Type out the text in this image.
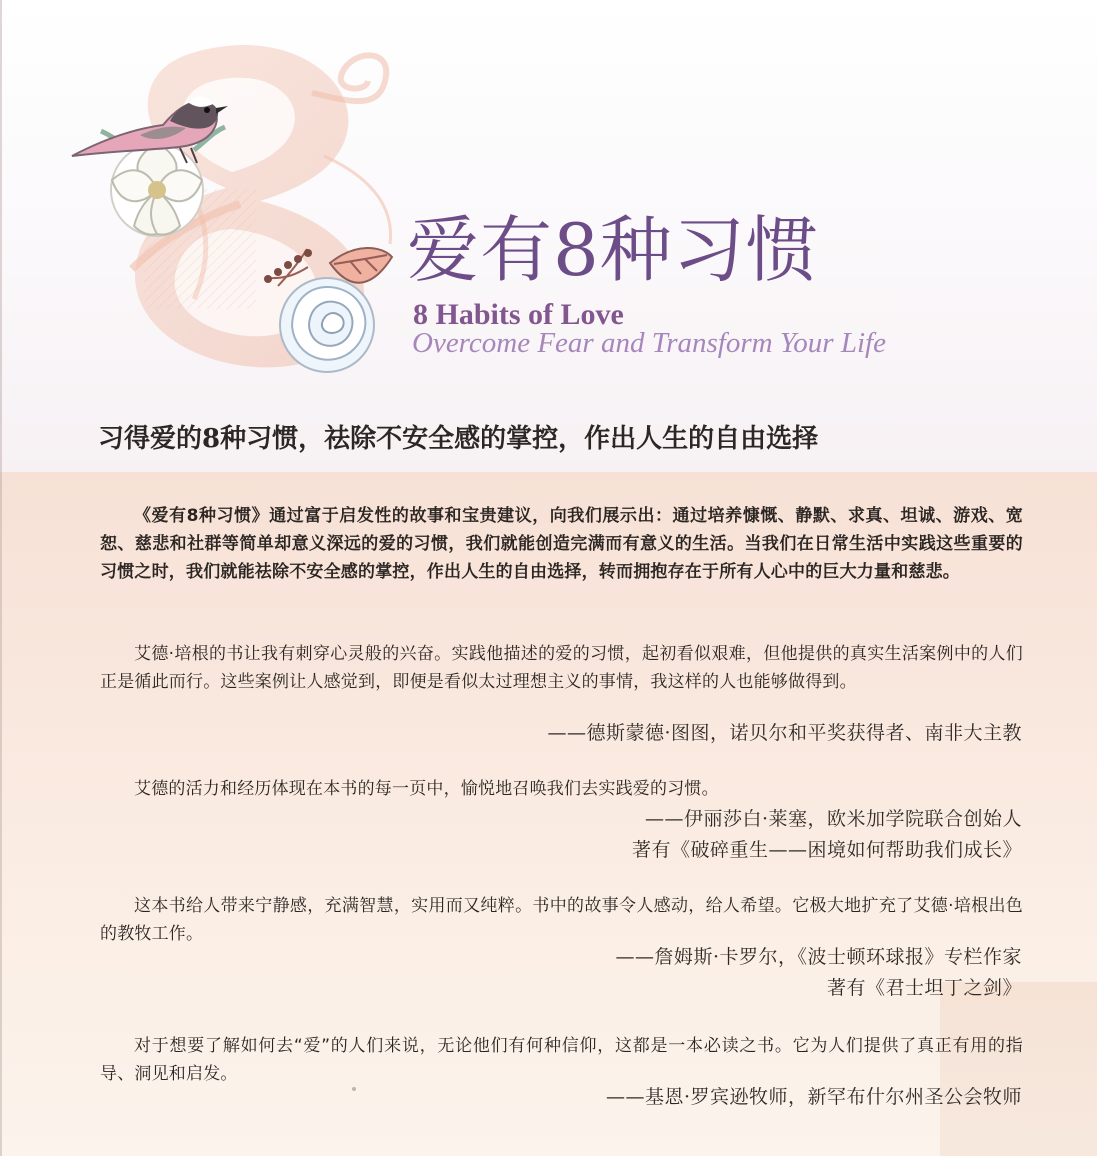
爱有8种习惯
8 Habits of Love
Overcome Fear and Transform Your Life
习得爱的8种习惯，祛除不安全感的掌控，作出人生的自由选择

《爱有8种习惯》通过富于启发性的故事和宝贵建议，向我们展示出：通过培养慷慨、静默、求真、坦诚、游戏、宽恕、慈悲和社群等简单却意义深远的爱的习惯，我们就能创造完满而有意义的生活。当我们在日常生活中实践这些重要的习惯之时，我们就能祛除不安全感的掌控，作出人生的自由选择，转而拥抱存在于所有人心中的巨大力量和慈悲。

艾德·培根的书让我有刺穿心灵般的兴奋。实践他描述的爱的习惯，起初看似艰难，但他提供的真实生活案例中的人们正是循此而行。这些案例让人感觉到，即便是看似太过理想主义的事情，我这样的人也能够做得到。

——德斯蒙德·图图，诺贝尔和平奖获得者、南非大主教

艾德的活力和经历体现在本书的每一页中，愉悦地召唤我们去实践爱的习惯。

——伊丽莎白·莱塞，欧米加学院联合创始人

著有《破碎重生——困境如何帮助我们成长》

这本书给人带来宁静感，充满智慧，实用而又纯粹。书中的故事令人感动，给人希望。它极大地扩充了艾德·培根出色的教牧工作。

——詹姆斯·卡罗尔，《波士顿环球报》专栏作家

著有《君士坦丁之剑》

对于想要了解如何去“爱”的人们来说，无论他们有何种信仰，这都是一本必读之书。它为人们提供了真正有用的指导、洞见和启发。

——基恩·罗宾逊牧师，新罕布什尔州圣公会牧师
